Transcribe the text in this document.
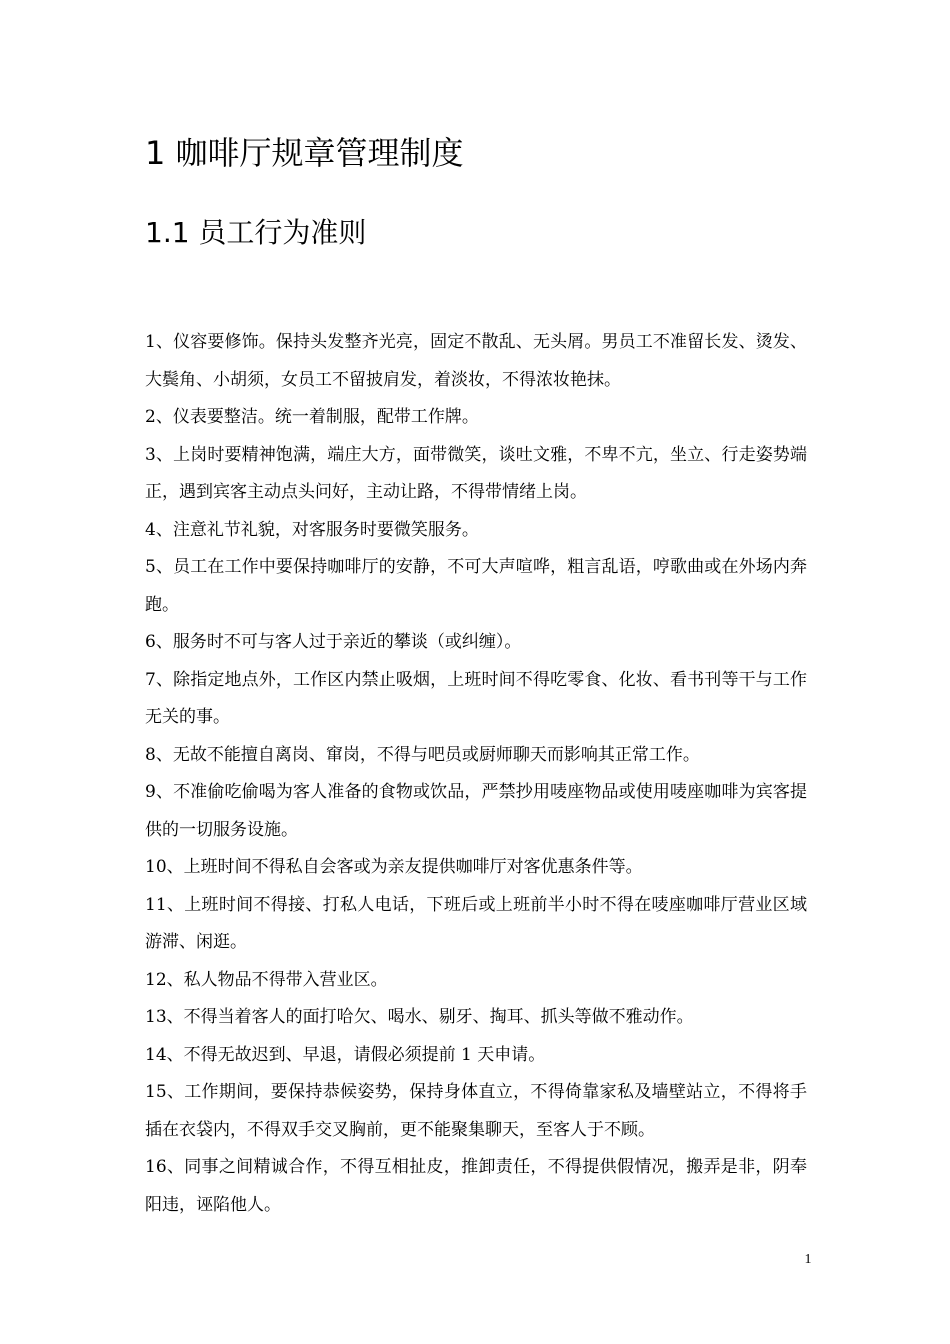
1 咖啡厅规章管理制度
1.1 员工行为准则

1、仪容要修饰。保持头发整齐光亮，固定不散乱、无头屑。男员工不准留长发、烫发、大鬓角、小胡须，女员工不留披肩发，着淡妆，不得浓妆艳抹。

2、仪表要整洁。统一着制服，配带工作牌。

3、上岗时要精神饱满，端庄大方，面带微笑，谈吐文雅，不卑不亢，坐立、行走姿势端正，遇到宾客主动点头问好，主动让路，不得带情绪上岗。

4、注意礼节礼貌，对客服务时要微笑服务。

5、员工在工作中要保持咖啡厅的安静，不可大声喧哗，粗言乱语，哼歌曲或在外场内奔跑。

6、服务时不可与客人过于亲近的攀谈（或纠缠）。

7、除指定地点外，工作区内禁止吸烟，上班时间不得吃零食、化妆、看书刊等干与工作无关的事。

8、无故不能擅自离岗、窜岗，不得与吧员或厨师聊天而影响其正常工作。

9、不准偷吃偷喝为客人准备的食物或饮品，严禁抄用唛座物品或使用唛座咖啡为宾客提供的一切服务设施。

10、上班时间不得私自会客或为亲友提供咖啡厅对客优惠条件等。

11、上班时间不得接、打私人电话，下班后或上班前半小时不得在唛座咖啡厅营业区域游滞、闲逛。

12、私人物品不得带入营业区。

13、不得当着客人的面打哈欠、喝水、剔牙、掏耳、抓头等做不雅动作。

14、不得无故迟到、早退，请假必须提前 1 天申请。

15、工作期间，要保持恭候姿势，保持身体直立，不得倚靠家私及墙壁站立，不得将手插在衣袋内，不得双手交叉胸前，更不能聚集聊天，至客人于不顾。

16、同事之间精诚合作，不得互相扯皮，推卸责任，不得提供假情况，搬弄是非，阴奉阳违，诬陷他人。

1
